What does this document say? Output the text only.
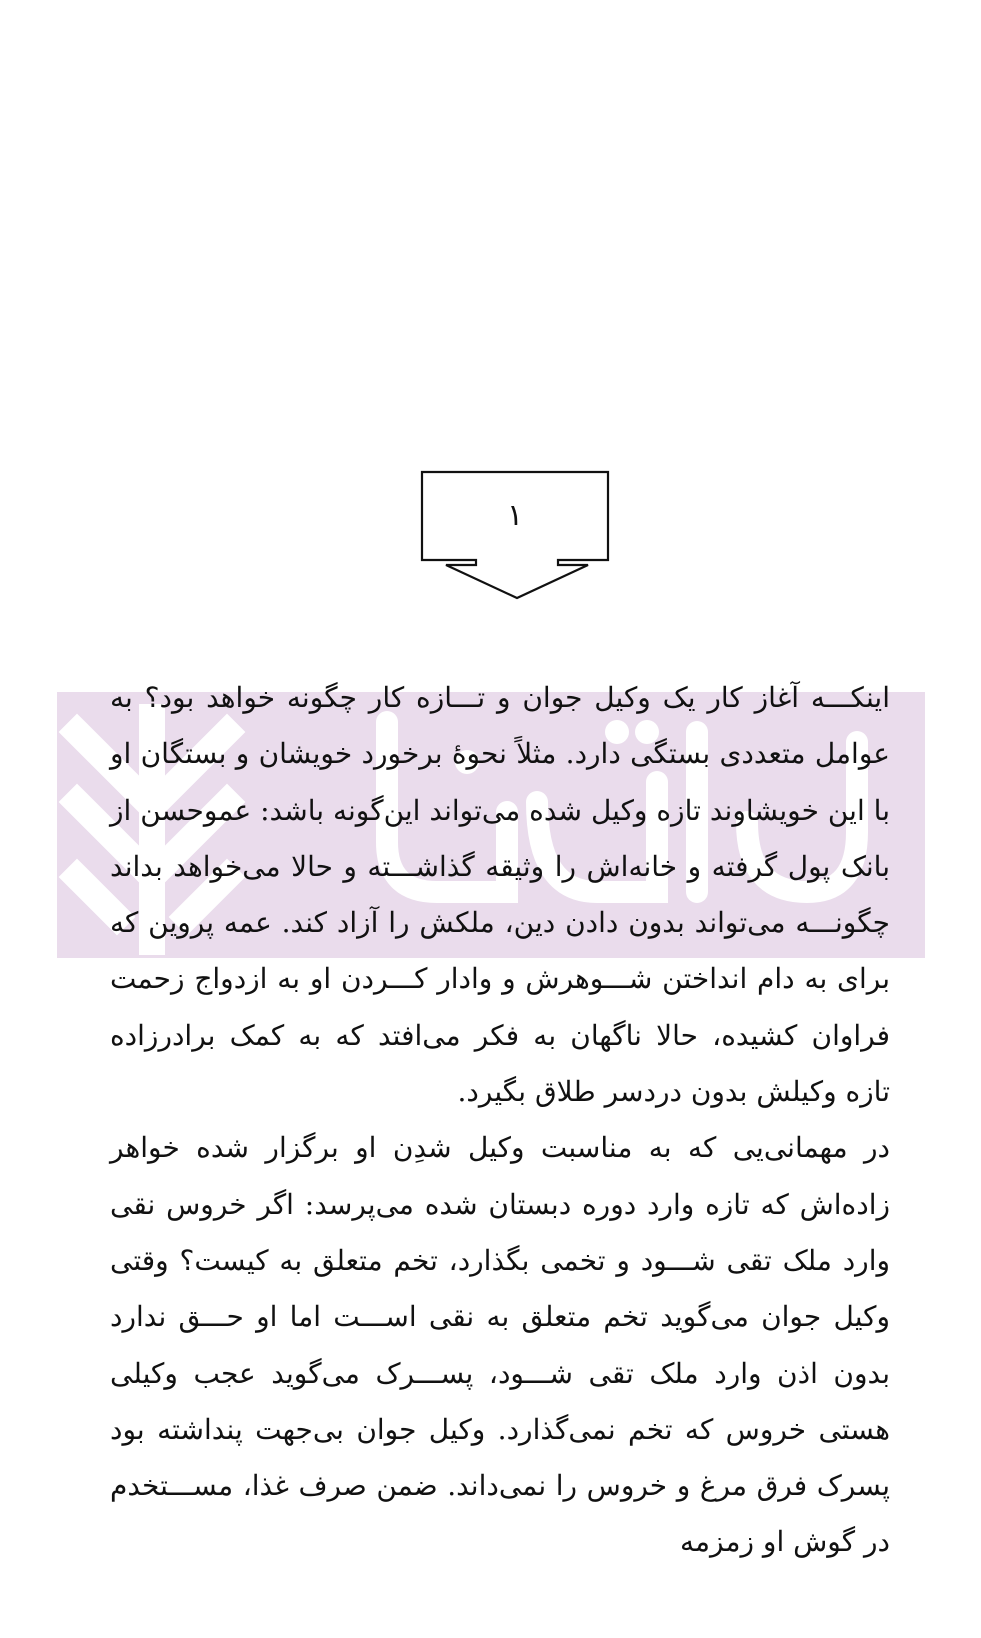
۱

اینکـــه آغاز کار یک وکیل جوان و تـــازه کار چگونه خواهد بود؟ به عوامل متعددی بستگی دارد. مثلاً نحوهٔ برخورد خویشان و بستگان او با این خویشاوند تازه وکیل شده می‌تواند این‌گونه باشد: عموحسن از بانک پول گرفته و خانه‌اش را وثیقه گذاشـــته و حالا می‌خواهد بداند چگونـــه می‌تواند بدون دادن دین، ملکش را آزاد کند. عمه پروین که برای به دام انداختن شـــوهرش و وادار کـــردن او به ازدواج زحمت فراوان کشیده، حالا ناگهان به فکر می‌افتد که به کمک برادرزاده تازه وکیلش بدون دردسر طلاق بگیرد.

در مهمانی‌یی که به مناسبت وکیل شدِن او برگزار شده خواهر زاده‌اش که تازه وارد دوره دبستان شده می‌پرسد: اگر خروس نقی وارد ملک تقی شـــود و تخمی بگذارد، تخم متعلق به کیست؟ وقتی وکیل جوان می‌گوید تخم متعلق به نقی اســـت اما او حـــق ندارد بدون اذن وارد ملک تقی شـــود، پســـرک می‌گوید عجب وکیلی هستی خروس که تخم نمی‌گذارد. وکیل جوان بی‌جهت پنداشته بود پسرک فرق مرغ و خروس را نمی‌داند. ضمن صرف غذا، مســـتخدم در گوش او زمزمه
